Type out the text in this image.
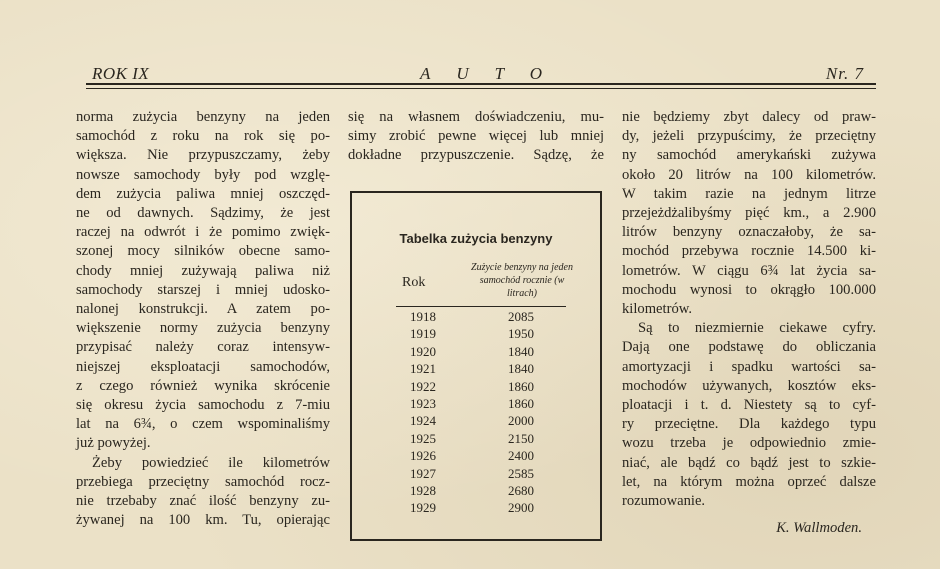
ROK IX	AUTO	Nr. 7
norma zużycia benzyny na jeden
samochód z roku na rok się po-
większa. Nie przypuszczamy, żeby
nowsze samochody były pod wzglę-
dem zużycia paliwa mniej oszczęd-
ne od dawnych. Sądzimy, że jest
raczej na odwrót i że pomimo zwięk-
szonej mocy silników obecne samo-
chody mniej zużywają paliwa niż
samochody starszej i mniej udosko-
nalonej konstrukcji. A zatem po-
większenie normy zużycia benzyny
przypisać należy coraz intensyw-
niejszej eksploatacji samochodów,
z czego również wynika skrócenie
się okresu życia samochodu z 7-miu
lat na 6¾, o czem wspominaliśmy
już powyżej.
Żeby powiedzieć ile kilometrów
przebiega przeciętny samochód rocz-
nie trzebaby znać ilość benzyny zu-
żywanej na 100 km. Tu, opierając
się na własnem doświadczeniu, mu-
simy zrobić pewne więcej lub mniej
dokładne przypuszczenie. Sądzę, że
Tabelka zużycia benzyny
Rok
Zużycie benzyny na jeden samochód rocznie (w litrach)
1918	2085
1919	1950
1920	1840
1921	1840
1922	1860
1923	1860
1924	2000
1925	2150
1926	2400
1927	2585
1928	2680
1929	2900
nie będziemy zbyt dalecy od praw-
dy, jeżeli przypuścimy, że przeciętny
ny samochód amerykański zużywa
około 20 litrów na 100 kilometrów.
W takim razie na jednym litrze
przejeżdżalibyśmy pięć km., a 2.900
litrów benzyny oznaczałoby, że sa-
mochód przebywa rocznie 14.500 ki-
lometrów. W ciągu 6¾ lat życia sa-
mochodu wynosi to okrągło 100.000
kilometrów.
Są to niezmiernie ciekawe cyfry.
Dają one podstawę do obliczania
amortyzacji i spadku wartości sa-
mochodów używanych, kosztów eks-
ploatacji i t. d. Niestety są to cyf-
ry przeciętne. Dla każdego typu
wozu trzeba je odpowiednio zmie-
niać, ale bądź co bądź jest to szkie-
let, na którym można oprzeć dalsze
rozumowanie.
K. Wallmoden.
